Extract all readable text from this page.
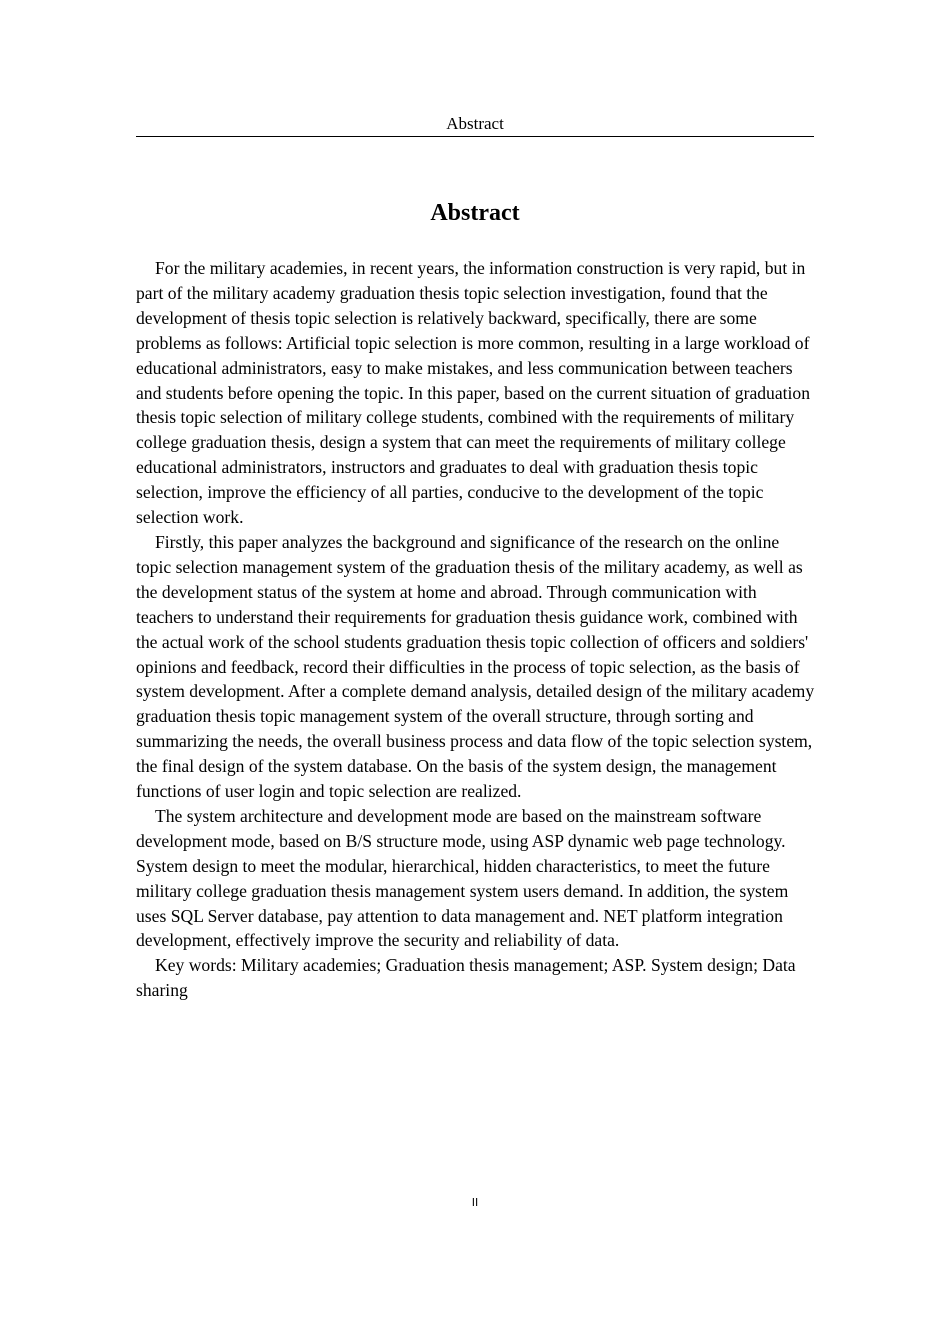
Abstract
Abstract

For the military academies, in recent years, the information construction is very rapid, but in part of the military academy graduation thesis topic selection investigation, found that the development of thesis topic selection is relatively backward, specifically, there are some problems as follows: Artificial topic selection is more common, resulting in a large workload of educational administrators, easy to make mistakes, and less communication between teachers and students before opening the topic. In this paper, based on the current situation of graduation thesis topic selection of military college students, combined with the requirements of military college graduation thesis, design a system that can meet the requirements of military college educational administrators, instructors and graduates to deal with graduation thesis topic selection, improve the efficiency of all parties, conducive to the development of the topic selection work.

Firstly, this paper analyzes the background and significance of the research on the online topic selection management system of the graduation thesis of the military academy, as well as the development status of the system at home and abroad. Through communication with teachers to understand their requirements for graduation thesis guidance work, combined with the actual work of the school students graduation thesis topic collection of officers and soldiers' opinions and feedback, record their difficulties in the process of topic selection, as the basis of system development. After a complete demand analysis, detailed design of the military academy graduation thesis topic management system of the overall structure, through sorting and summarizing the needs, the overall business process and data flow of the topic selection system, the final design of the system database. On the basis of the system design, the management functions of user login and topic selection are realized.

The system architecture and development mode are based on the mainstream software development mode, based on B/S structure mode, using ASP dynamic web page technology. System design to meet the modular, hierarchical, hidden characteristics, to meet the future military college graduation thesis management system users demand. In addition, the system uses SQL Server database, pay attention to data management and. NET platform integration development, effectively improve the security and reliability of data.

Key words: Military academies; Graduation thesis management; ASP. System design; Data sharing

II
